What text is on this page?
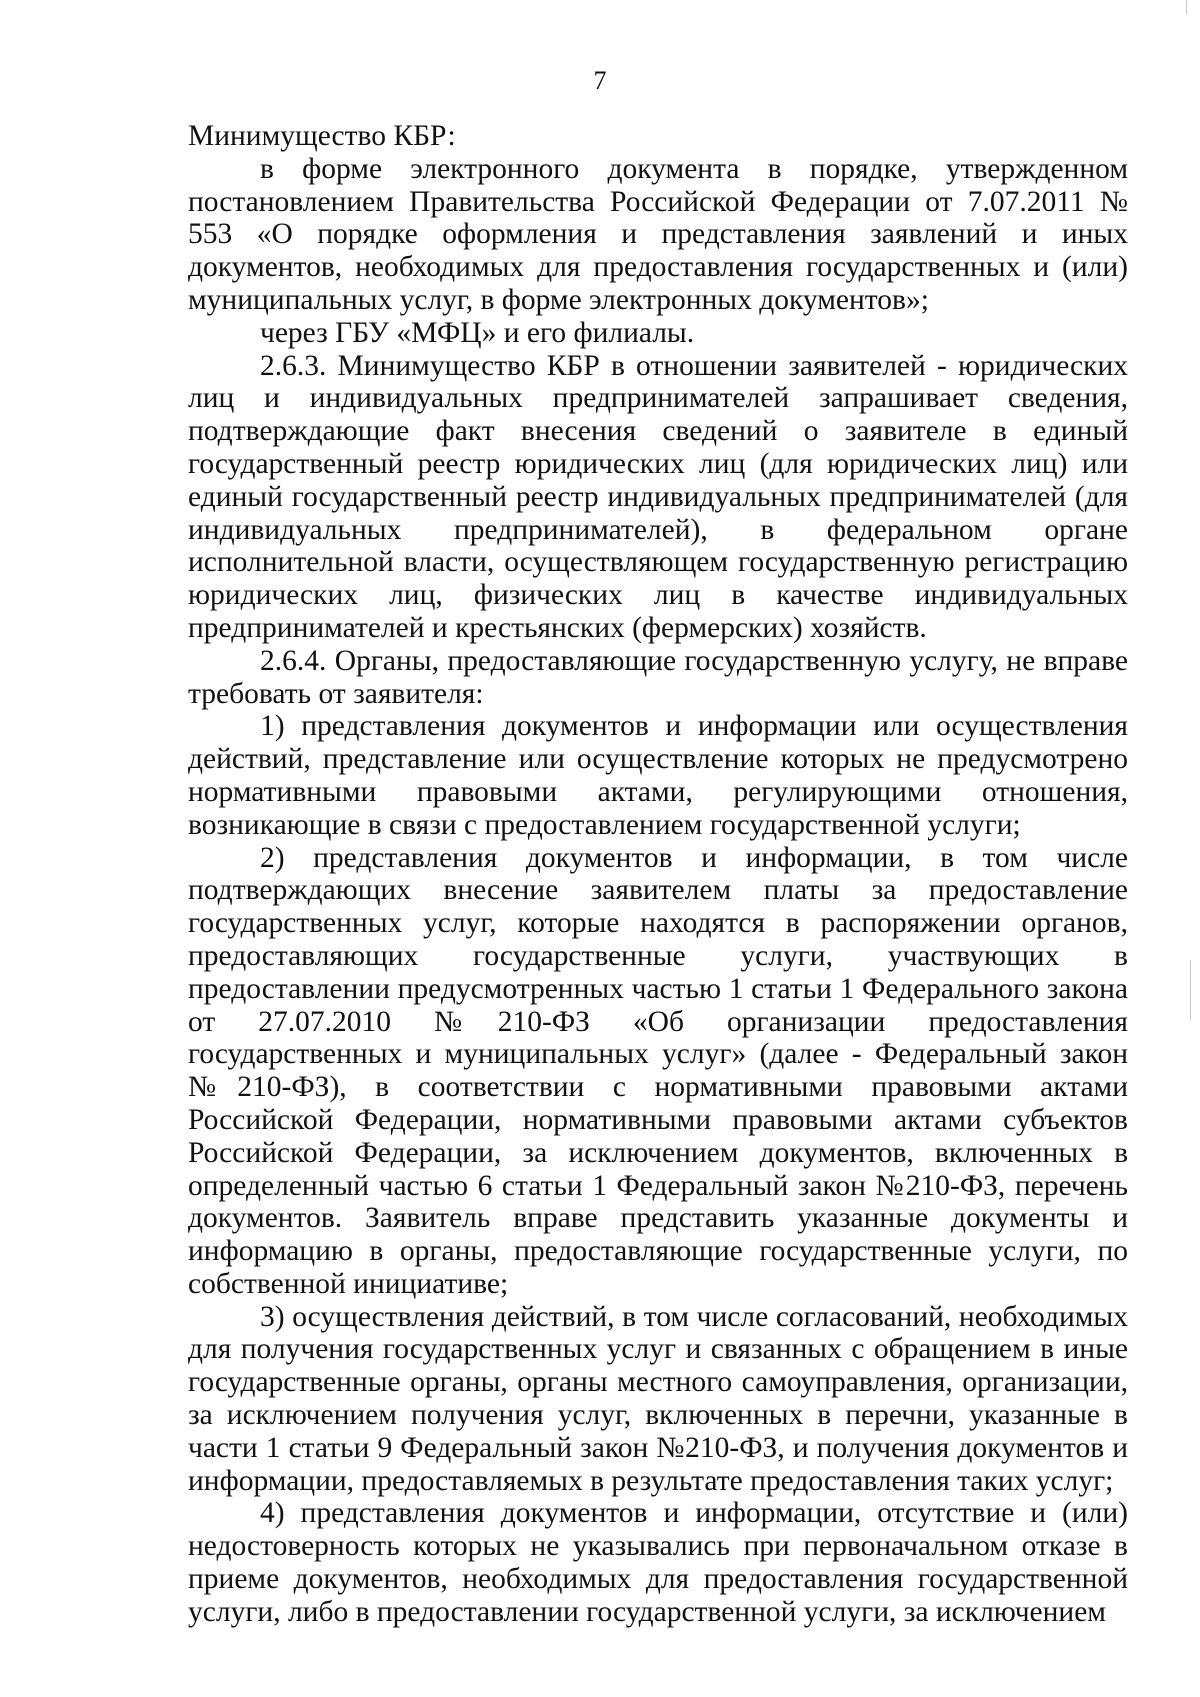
7

Минимущество КБР:

в форме электронного документа в порядке, утвержденном постановлением Правительства Российской Федерации от 7.07.2011 № 553 «О порядке оформления и представления заявлений и иных документов, необходимых для предоставления государственных и (или) муниципальных услуг, в форме электронных документов»;

через ГБУ «МФЦ» и его филиалы.

2.6.3. Минимущество КБР в отношении заявителей - юридических лиц и индивидуальных предпринимателей запрашивает сведения, подтверждающие факт внесения сведений о заявителе в единый государственный реестр юридических лиц (для юридических лиц) или единый государственный реестр индивидуальных предпринимателей (для индивидуальных предпринимателей), в федеральном органе исполнительной власти, осуществляющем государственную регистрацию юридических лиц, физических лиц в качестве индивидуальных предпринимателей и крестьянских (фермерских) хозяйств.

2.6.4. Органы, предоставляющие государственную услугу, не вправе требовать от заявителя:

1) представления документов и информации или осуществления действий, представление или осуществление которых не предусмотрено нормативными правовыми актами, регулирующими отношения, возникающие в связи с предоставлением государственной услуги;

2) представления документов и информации, в том числе подтверждающих внесение заявителем платы за предоставление государственных услуг, которые находятся в распоряжении органов, предоставляющих государственные услуги, участвующих в предоставлении предусмотренных частью 1 статьи 1 Федерального закона от 27.07.2010 №210-ФЗ «Об организации предоставления государственных и муниципальных услуг» (далее - Федеральный закон №210-ФЗ), в соответствии с нормативными правовыми актами Российской Федерации, нормативными правовыми актами субъектов Российской Федерации, за исключением документов, включенных в определенный частью 6 статьи 1 Федеральный закон №210-ФЗ, перечень документов. Заявитель вправе представить указанные документы и информацию в органы, предоставляющие государственные услуги, по собственной инициативе;

3) осуществления действий, в том числе согласований, необходимых для получения государственных услуг и связанных с обращением в иные государственные органы, органы местного самоуправления, организации, за исключением получения услуг, включенных в перечни, указанные в части 1 статьи 9 Федеральный закон №210-ФЗ, и получения документов и информации, предоставляемых в результате предоставления таких услуг;

4) представления документов и информации, отсутствие и (или) недостоверность которых не указывались при первоначальном отказе в приеме документов, необходимых для предоставления государственной услуги, либо в предоставлении государственной услуги, за исключением
